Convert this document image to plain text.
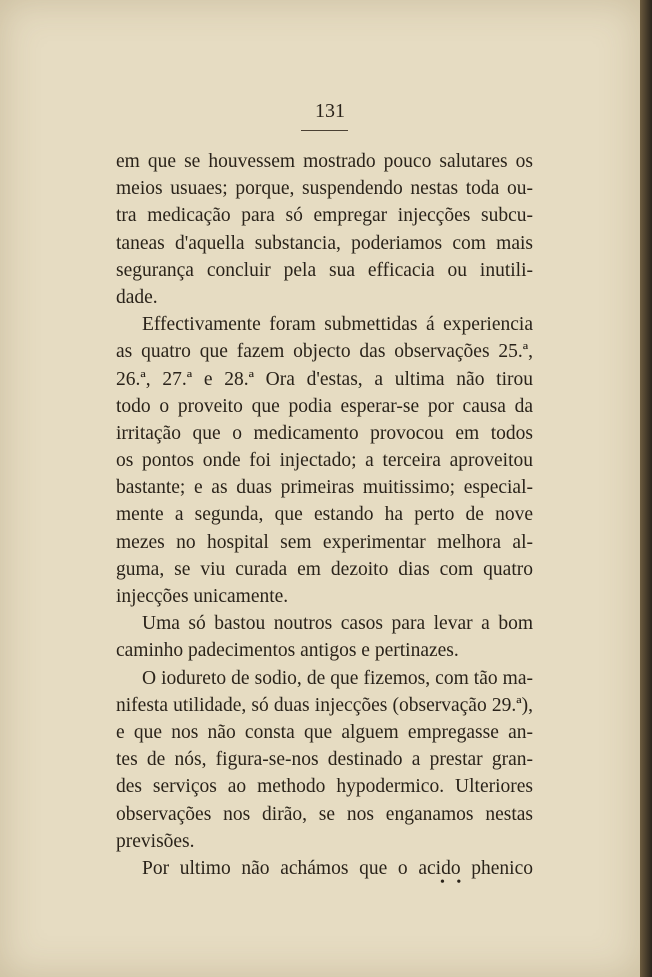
131
em que se houvessem mostrado pouco salutares os
meios usuaes; porque, suspendendo nestas toda ou-
tra medicação para só empregar injecções subcu-
taneas d'aquella substancia, poderiamos com mais
segurança concluir pela sua efficacia ou inutili-
dade.
Effectivamente foram submettidas á experiencia
as quatro que fazem objecto das observações 25.ª,
26.ª, 27.ª e 28.ª Ora d'estas, a ultima não tirou
todo o proveito que podia esperar-se por causa da
irritação que o medicamento provocou em todos
os pontos onde foi injectado; a terceira aproveitou
bastante; e as duas primeiras muitissimo; especial-
mente a segunda, que estando ha perto de nove
mezes no hospital sem experimentar melhora al-
guma, se viu curada em dezoito dias com quatro
injecções unicamente.
Uma só bastou noutros casos para levar a bom
caminho padecimentos antigos e pertinazes.
O iodureto de sodio, de que fizemos, com tão ma-
nifesta utilidade, só duas injecções (observação 29.ª),
e que nos não consta que alguem empregasse an-
tes de nós, figura-se-nos destinado a prestar gran-
des serviços ao methodo hypodermico. Ulteriores
observações nos dirão, se nos enganamos nestas
previsões.
Por ultimo não achámos que o acido phenico
• •
